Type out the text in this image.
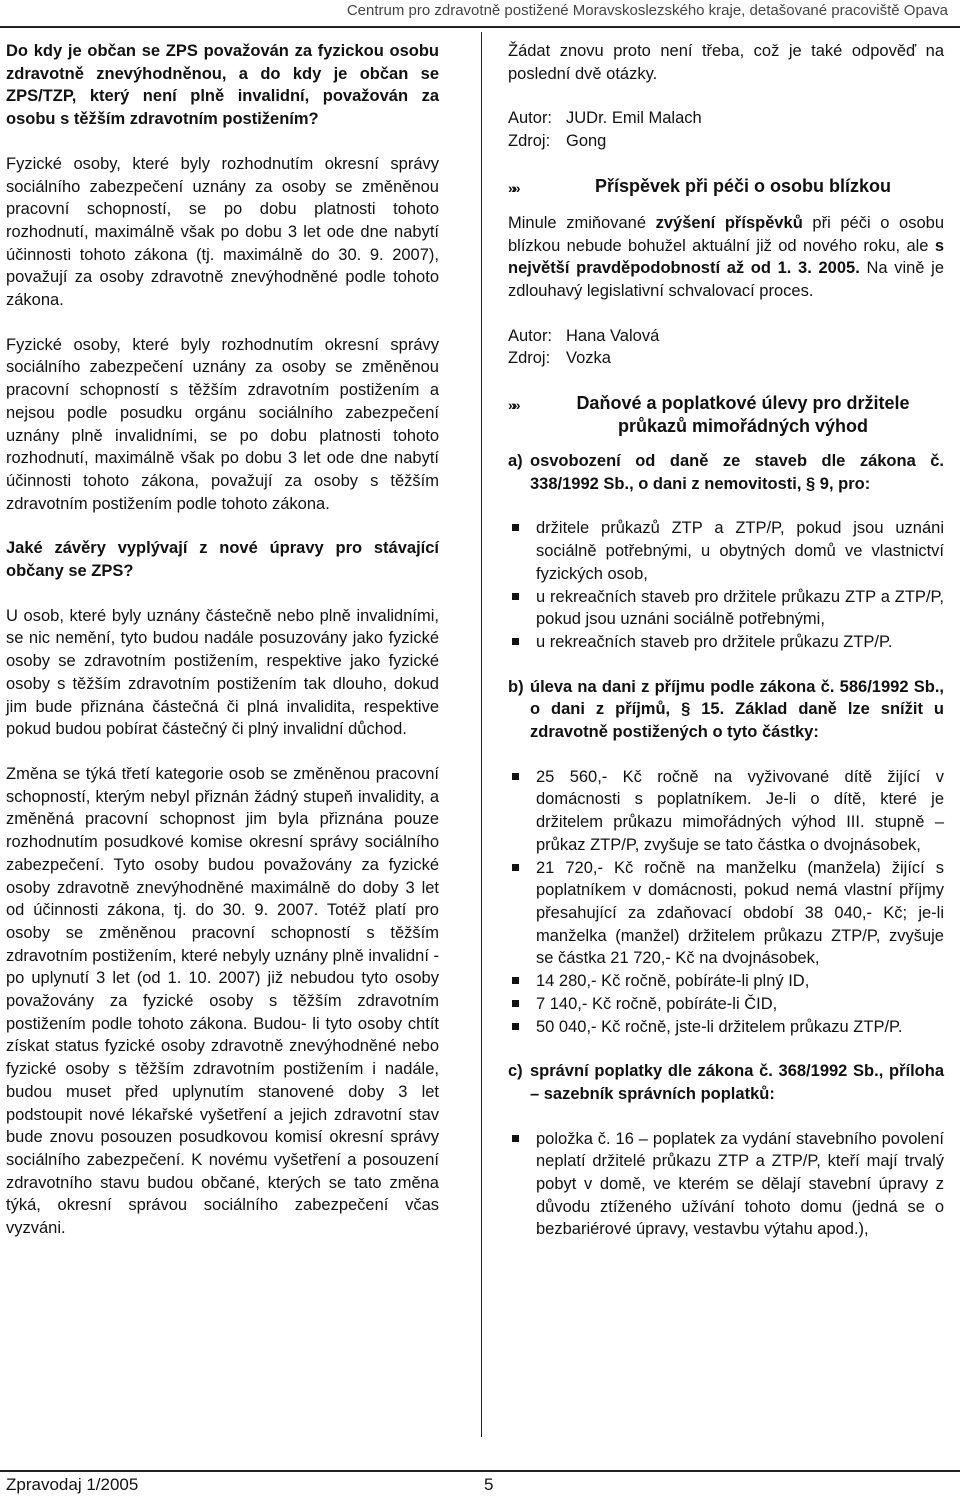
Centrum pro zdravotně postižené Moravskoslezského kraje, detašované pracoviště Opava

Do kdy je občan se ZPS považován za fyzickou osobu zdravotně znevýhodněnou, a do kdy je občan se ZPS/TZP, který není plně invalidní, považován za osobu s těžším zdravotním postižením?

Fyzické osoby, které byly rozhodnutím okresní správy sociálního zabezpečení uznány za osoby se změněnou pracovní schopností, se po dobu platnosti tohoto rozhodnutí, maximálně však po dobu 3 let ode dne nabytí účinnosti tohoto zákona (tj. maximálně do 30. 9. 2007), považují za osoby zdravotně znevýhodněné podle tohoto zákona.

Fyzické osoby, které byly rozhodnutím okresní správy sociálního zabezpečení uznány za osoby se změněnou pracovní schopností s těžším zdravotním postižením a nejsou podle posudku orgánu sociálního zabezpečení uznány plně invalidními, se po dobu platnosti tohoto rozhodnutí, maximálně však po dobu 3 let ode dne nabytí účinnosti tohoto zákona, považují za osoby s těžším zdravotním postižením podle tohoto zákona.

Jaké závěry vyplývají z nové úpravy pro stávající občany se ZPS?

U osob, které byly uznány částečně nebo plně invalidními, se nic nemění, tyto budou nadále posuzovány jako fyzické osoby se zdravotním postižením, respektive jako fyzické osoby s těžším zdravotním postižením tak dlouho, dokud jim bude přiznána částečná či plná invalidita, respektive pokud budou pobírat částečný či plný invalidní důchod.

Změna se týká třetí kategorie osob se změněnou pracovní schopností, kterým nebyl přiznán žádný stupeň invalidity, a změněná pracovní schopnost jim byla přiznána pouze rozhodnutím posudkové komise okresní správy sociálního zabezpečení. Tyto osoby budou považovány za fyzické osoby zdravotně znevýhodněné maximálně do doby 3 let od účinnosti zákona, tj. do 30. 9. 2007. Totéž platí pro osoby se změněnou pracovní schopností s těžším zdravotním postižením, které nebyly uznány plně invalidní - po uplynutí 3 let (od 1. 10. 2007) již nebudou tyto osoby považovány za fyzické osoby s těžším zdravotním postižením podle tohoto zákona. Budou- li tyto osoby chtít získat status fyzické osoby zdravotně znevýhodněné nebo fyzické osoby s těžším zdravotním postižením i nadále, budou muset před uplynutím stanovené doby 3 let podstoupit nové lékařské vyšetření a jejich zdravotní stav bude znovu posouzen posudkovou komisí okresní správy sociálního zabezpečení. K novému vyšetření a posouzení zdravotního stavu budou občané, kterých se tato změna týká, okresní správou sociálního zabezpečení včas vyzváni.

Žádat znovu proto není třeba, což je také odpověď na poslední dvě otázky.

Autor: JUDr. Emil Malach
Zdroj: Gong
»»	Příspěvek při péči o osobu blízkou

Minule zmiňované zvýšení příspěvků při péči o osobu blízkou nebude bohužel aktuální již od nového roku, ale s největší pravděpodobností až od 1. 3. 2005. Na vině je zdlouhavý legislativní schvalovací proces.

Autor: Hana Valová
Zdroj: Vozka
»»	Daňové a poplatkové úlevy pro držitele průkazů mimořádných výhod
a) osvobození od daně ze staveb dle zákona č. 338/1992 Sb., o dani z nemovitosti, § 9, pro:

držitele průkazů ZTP a ZTP/P, pokud jsou uznáni sociálně potřebnými, u obytných domů ve vlastnictví fyzických osob,

u rekreačních staveb pro držitele průkazu ZTP a ZTP/P, pokud jsou uznáni sociálně potřebnými,

u rekreačních staveb pro držitele průkazu ZTP/P.

b) úleva na dani z příjmu podle zákona č. 586/1992 Sb., o dani z příjmů, § 15. Základ daně lze snížit u zdravotně postižených o tyto částky:

25 560,- Kč ročně na vyživované dítě žijící v domácnosti s poplatníkem. Je-li o dítě, které je držitelem průkazu mimořádných výhod III. stupně – průkaz ZTP/P, zvyšuje se tato částka o dvojnásobek,

21 720,- Kč ročně na manželku (manžela) žijící s poplatníkem v domácnosti, pokud nemá vlastní příjmy přesahující za zdaňovací období 38 040,- Kč; je-li manželka (manžel) držitelem průkazu ZTP/P, zvyšuje se částka 21 720,- Kč na dvojnásobek,

14 280,- Kč ročně, pobíráte-li plný ID,

7 140,- Kč ročně, pobíráte-li ČID,

50 040,- Kč ročně, jste-li držitelem průkazu ZTP/P.

c) správní poplatky dle zákona č. 368/1992 Sb., příloha – sazebník správních poplatků:

položka č. 16 – poplatek za vydání stavebního povolení neplatí držitelé průkazu ZTP a ZTP/P, kteří mají trvalý pobyt v domě, ve kterém se dělají stavební úpravy z důvodu ztíženého užívání tohoto domu (jedná se o bezbariérové úpravy, vestavbu výtahu apod.),

Zpravodaj 1/2005	5
